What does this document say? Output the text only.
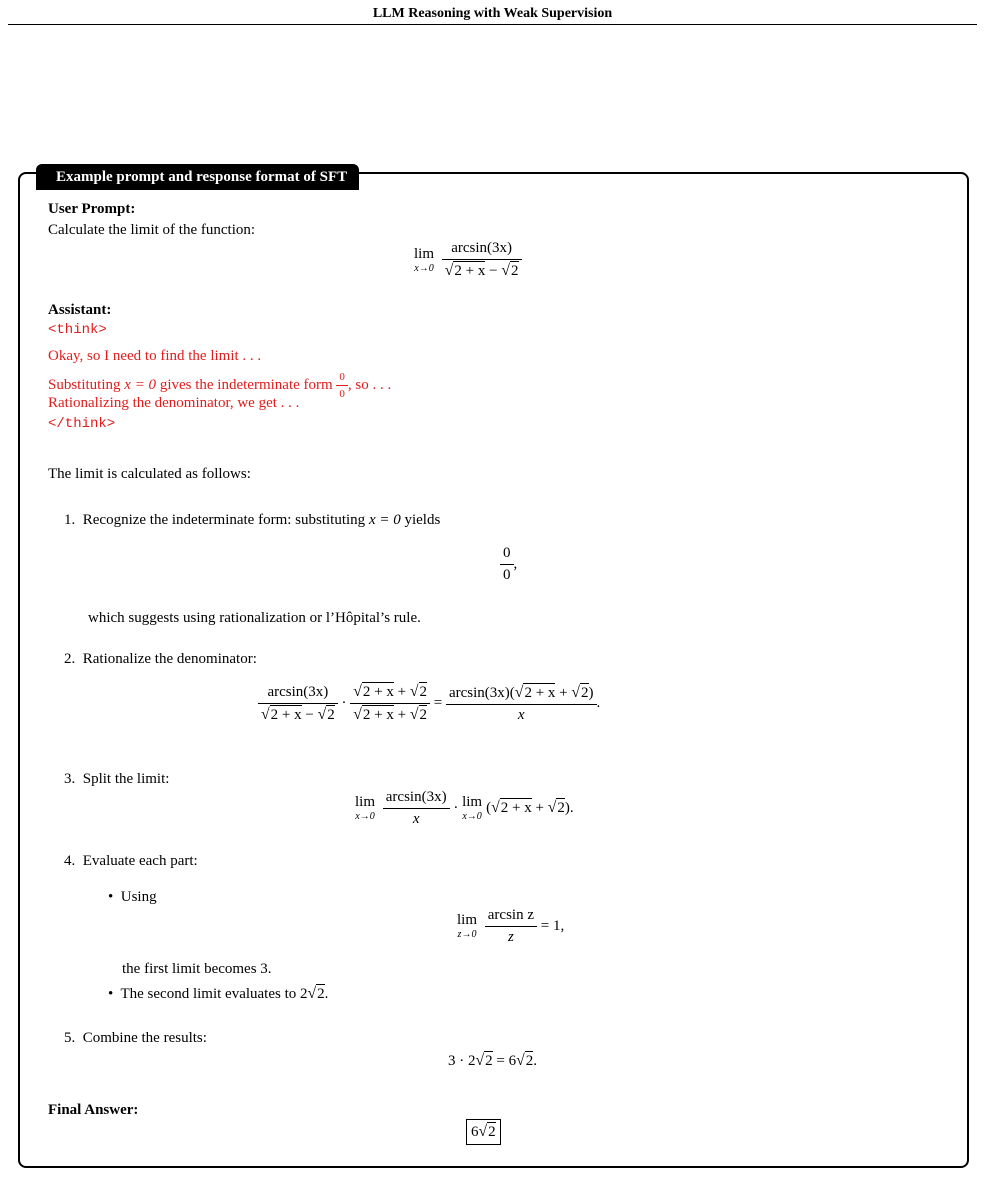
LLM Reasoning with Weak Supervision
Example prompt and response format of SFT
User Prompt:
Calculate the limit of the function:
lim
x→0
$\frac{\arcsin(3x)}{√2 + x - √2}$
Assistant:
<think>
Okay, so I need to find the limit . . .
Substituting x = 0 gives the indeterminate form $\frac{0}{0}$ , so . . .
Rationalizing the denominator, we get . . .
</think>
The limit is calculated as follows:
1. Recognize the indeterminate form: substituting x = 0 yields
$\frac{0}{0}$ ,
which suggests using rationalization or l’Hôpital’s rule.
2. Rationalize the denominator:
$\frac{\arcsin(3x)}{√2 + x - √2} \cdot \frac{√2 + x + √2}{√2 + x + √2} = \frac{\arcsin(3x)(√2 + x + √2)}{x}$ .
3. Split the limit:
lim
x→0
$\frac{\arcsin(3x)}{x} \cdot \lim$
x→0
(√2 + x + √2).
4. Evaluate each part:
•  Using
lim
z→0
$\frac{\text{arcsin z}}{z} = 1$,
the first limit becomes 3.
•  The second limit evaluates to 2√2.
5. Combine the results:
3 · 2√2 = 6√2.
Final Answer:
6√2
